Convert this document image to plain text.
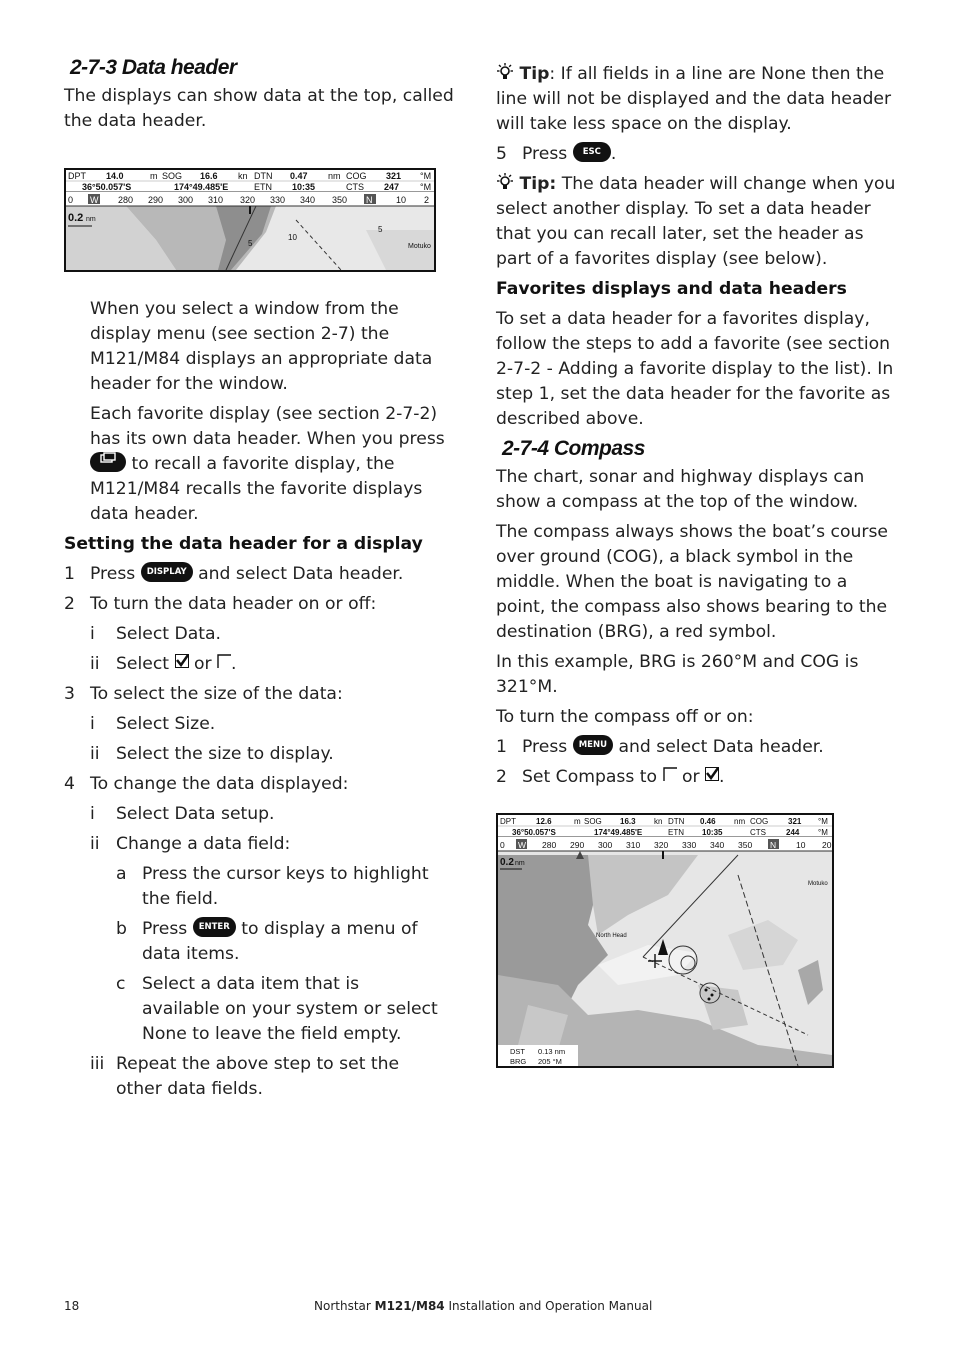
2-7-3 Data header

The displays can show data at the top, called the data header.

DPT 14.0	m SOG 16.6 kn DTN 0.47 nm COG 321 °M
36°50.057'S	174°49.485'E	ETN 10:35	CTS 247 °M
0 W 280 290 300 310 320 330 340 350 N	10 2
0.2 nm
10
5
5
Motuko

When you select a window from the display menu (see section 2-7) the M121/M84 displays an appropriate data header for the window.

Each favorite display (see section 2-7-2) has its own data header. When you press  to recall a favorite display, the M121/M84 recalls the favorite displays data header.

Setting the data header for a display
1 Press DISPLAY and select Data header.
2 To turn the data header on or off:
i Select Data.
ii Select or .
3 To select the size of the data:
i Select Size.
ii Select the size to display.
4 To change the data displayed:
i Select Data setup.
ii Change a data field:
a Press the cursor keys to highlight the field.
b Press ENTER to display a menu of data items.
c Select a data item that is available on your system or select None to leave the field empty.
iii Repeat the above step to set the other data fields.

Tip: If all fields in a line are None then the line will not be displayed and the data header will take less space on the display.

5 Press ESC .

Tip: The data header will change when you select another display. To set a data header that you can recall later, set the header as part of a favorites display (see below).

Favorites displays and data headers

To set a data header for a favorites display, follow the steps to add a favorite (see section 2-7-2 - Adding a favorite display to the list). In step 1, set the data header for the favorite as described above.

2-7-4 Compass

The chart, sonar and highway displays can show a compass at the top of the window.

The compass always shows the boat’s course over ground (COG), a black symbol in the middle. When the boat is navigating to a point, the compass also shows bearing to the destination (BRG), a red symbol.

In this example, BRG is 260°M and COG is 321°M.

To turn the compass off or on:

1 Press MENU and select Data header.
2 Set Compass to or .
DPT	12.6	m SOG 16.3 kn DTN 0.46 nm COG 321 °M
36°50.057'S	174°49.485'E	ETN 10:35	CTS	244 °M
0 W 280 290 300 310 320 330 340 350 N 10 20
0.2 nm
North Head
Motuko
DST 0.13 nm
BRG 205 °M
18	Northstar M121/M84 Installation and Operation Manual
